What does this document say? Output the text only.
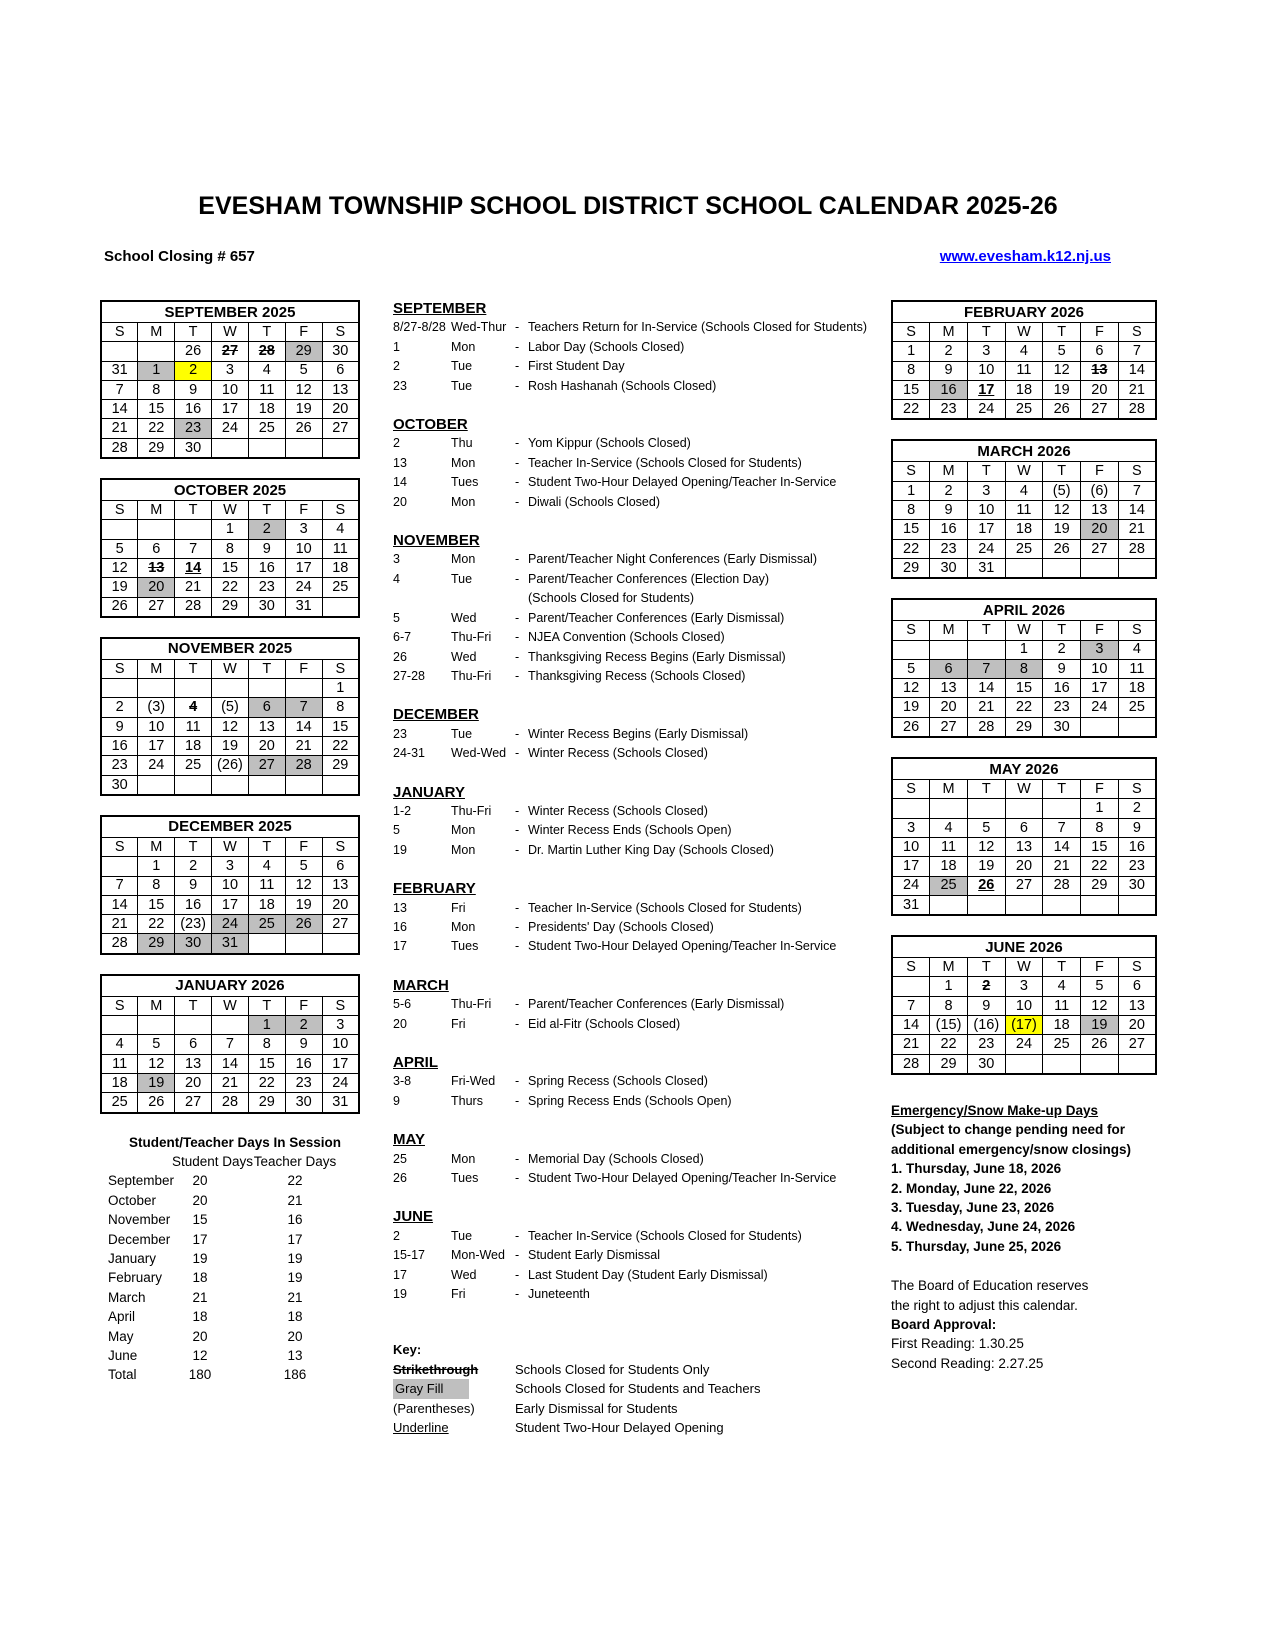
EVESHAM TOWNSHIP SCHOOL DISTRICT SCHOOL CALENDAR 2025-26
School Closing # 657	www.evesham.k12.nj.us
SEPTEMBER 2025						
S	M	T	W	T	F	S
		26	27	28	29	30
31	1	2	3	4	5	6
7	8	9	10	11	12	13
14	15	16	17	18	19	20
21	22	23	24	25	26	27
28	29	30				
OCTOBER 2025						
S	M	T	W	T	F	S
			1	2	3	4
5	6	7	8	9	10	11
12	13	14	15	16	17	18
19	20	21	22	23	24	25
26	27	28	29	30	31	
NOVEMBER 2025						
S	M	T	W	T	F	S
						1
2	(3)	4	(5)	6	7	8
9	10	11	12	13	14	15
16	17	18	19	20	21	22
23	24	25	(26)	27	28	29
30						
DECEMBER 2025						
S	M	T	W	T	F	S
	1	2	3	4	5	6
7	8	9	10	11	12	13
14	15	16	17	18	19	20
21	22	(23)	24	25	26	27
28	29	30	31			
JANUARY 2026						
S	M	T	W	T	F	S
				1	2	3
4	5	6	7	8	9	10
11	12	13	14	15	16	17
18	19	20	21	22	23	24
25	26	27	28	29	30	31
Student/Teacher Days In Session
Student Days Teacher Days
September	20	22
October	20	21
November	15	16
December	17	17
January	19	19
February	18	19
March	21	21
April	18	18
May	20	20
June	12	13
Total	180	186
SEPTEMBER
8/27-8/28 Wed-Thur - Teachers Return for In-Service (Schools Closed for Students)
1	Mon	- Labor Day (Schools Closed)
2	Tue	- First Student Day
23	Tue	- Rosh Hashanah (Schools Closed)
OCTOBER
2	Thu	- Yom Kippur (Schools Closed)
13	Mon	- Teacher In-Service (Schools Closed for Students)
14	Tues	- Student Two-Hour Delayed Opening/Teacher In-Service
20	Mon	- Diwali (Schools Closed)
NOVEMBER
3	Mon	- Parent/Teacher Night Conferences (Early Dismissal)
4	Tue	- Parent/Teacher Conferences (Election Day)
(Schools Closed for Students)
5	Wed	- Parent/Teacher Conferences (Early Dismissal)
6-7	Thu-Fri	- NJEA Convention (Schools Closed)
26	Wed	- Thanksgiving Recess Begins (Early Dismissal)
27-28	Thu-Fri	- Thanksgiving Recess (Schools Closed)
DECEMBER
23	Tue	- Winter Recess Begins (Early Dismissal)
24-31	Wed-Wed - Winter Recess (Schools Closed)
JANUARY
1-2	Thu-Fri	- Winter Recess (Schools Closed)
5	Mon	- Winter Recess Ends (Schools Open)
19	Mon	- Dr. Martin Luther King Day (Schools Closed)
FEBRUARY
13	Fri	- Teacher In-Service (Schools Closed for Students)
16	Mon	- Presidents' Day (Schools Closed)
17	Tues	- Student Two-Hour Delayed Opening/Teacher In-Service
MARCH
5-6	Thu-Fri	- Parent/Teacher Conferences (Early Dismissal)
20	Fri	- Eid al-Fitr (Schools Closed)
APRIL
3-8	Fri-Wed	- Spring Recess (Schools Closed)
9	Thurs	- Spring Recess Ends (Schools Open)
MAY
25	Mon	- Memorial Day (Schools Closed)
26	Tues	- Student Two-Hour Delayed Opening/Teacher In-Service
JUNE
2	Tue	- Teacher In-Service (Schools Closed for Students)
15-17	Mon-Wed - Student Early Dismissal
17	Wed	- Last Student Day (Student Early Dismissal)
19	Fri	- Juneteenth
Key:
Strikethrough	Schools Closed for Students Only
Gray Fill	Schools Closed for Students and Teachers
(Parentheses)	Early Dismissal for Students
Underline	Student Two-Hour Delayed Opening
FEBRUARY 2026						
S	M	T	W	T	F	S
1	2	3	4	5	6	7
8	9	10	11	12	13	14
15	16	17	18	19	20	21
22	23	24	25	26	27	28
MARCH 2026						
S	M	T	W	T	F	S
1	2	3	4	(5)	(6)	7
8	9	10	11	12	13	14
15	16	17	18	19	20	21
22	23	24	25	26	27	28
29	30	31				
APRIL 2026						
S	M	T	W	T	F	S
			1	2	3	4
5	6	7	8	9	10	11
12	13	14	15	16	17	18
19	20	21	22	23	24	25
26	27	28	29	30		
MAY 2026						
S	M	T	W	T	F	S
					1	2
3	4	5	6	7	8	9
10	11	12	13	14	15	16
17	18	19	20	21	22	23
24	25	26	27	28	29	30
31						
JUNE 2026						
S	M	T	W	T	F	S
	1	2	3	4	5	6
7	8	9	10	11	12	13
14	(15)	(16)	(17)	18	19	20
21	22	23	24	25	26	27
28	29	30				
Emergency/Snow Make-up Days
(Subject to change pending need for
additional emergency/snow closings)
1. Thursday, June 18, 2026
2. Monday, June 22, 2026
3. Tuesday, June 23, 2026
4. Wednesday, June 24, 2026
5. Thursday, June 25, 2026
The Board of Education reserves
the right to adjust this calendar.
Board Approval:
First Reading: 1.30.25
Second Reading: 2.27.25
